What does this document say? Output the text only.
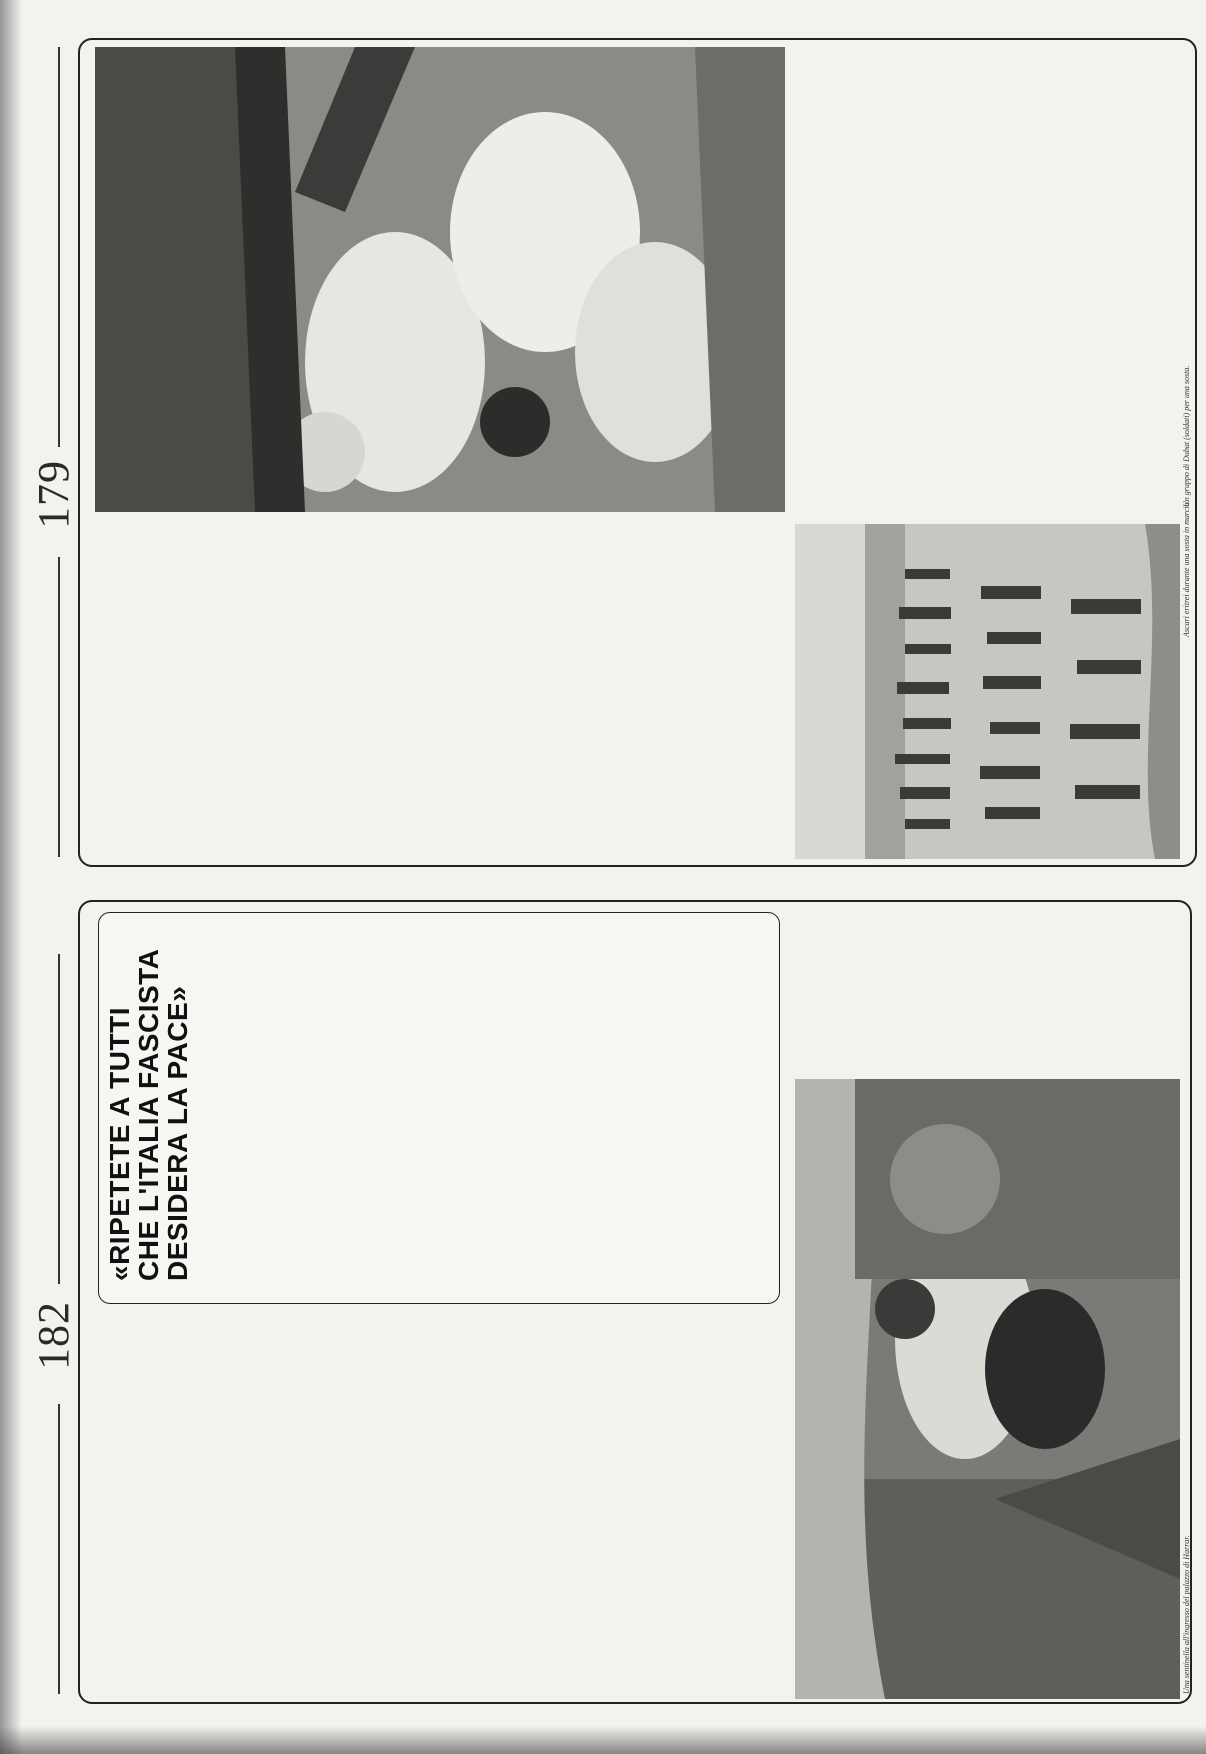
182
«RIPETETE A TUTTI
CHE L'ITALIA FASCISTA
DESIDERA LA PACE»
Una sentinella all'ingresso del palazzo di Harrar.
179
Ascari eritrei durante una sosta in marcia.
Un gruppo di Dubat (soldati) per una sosta.
